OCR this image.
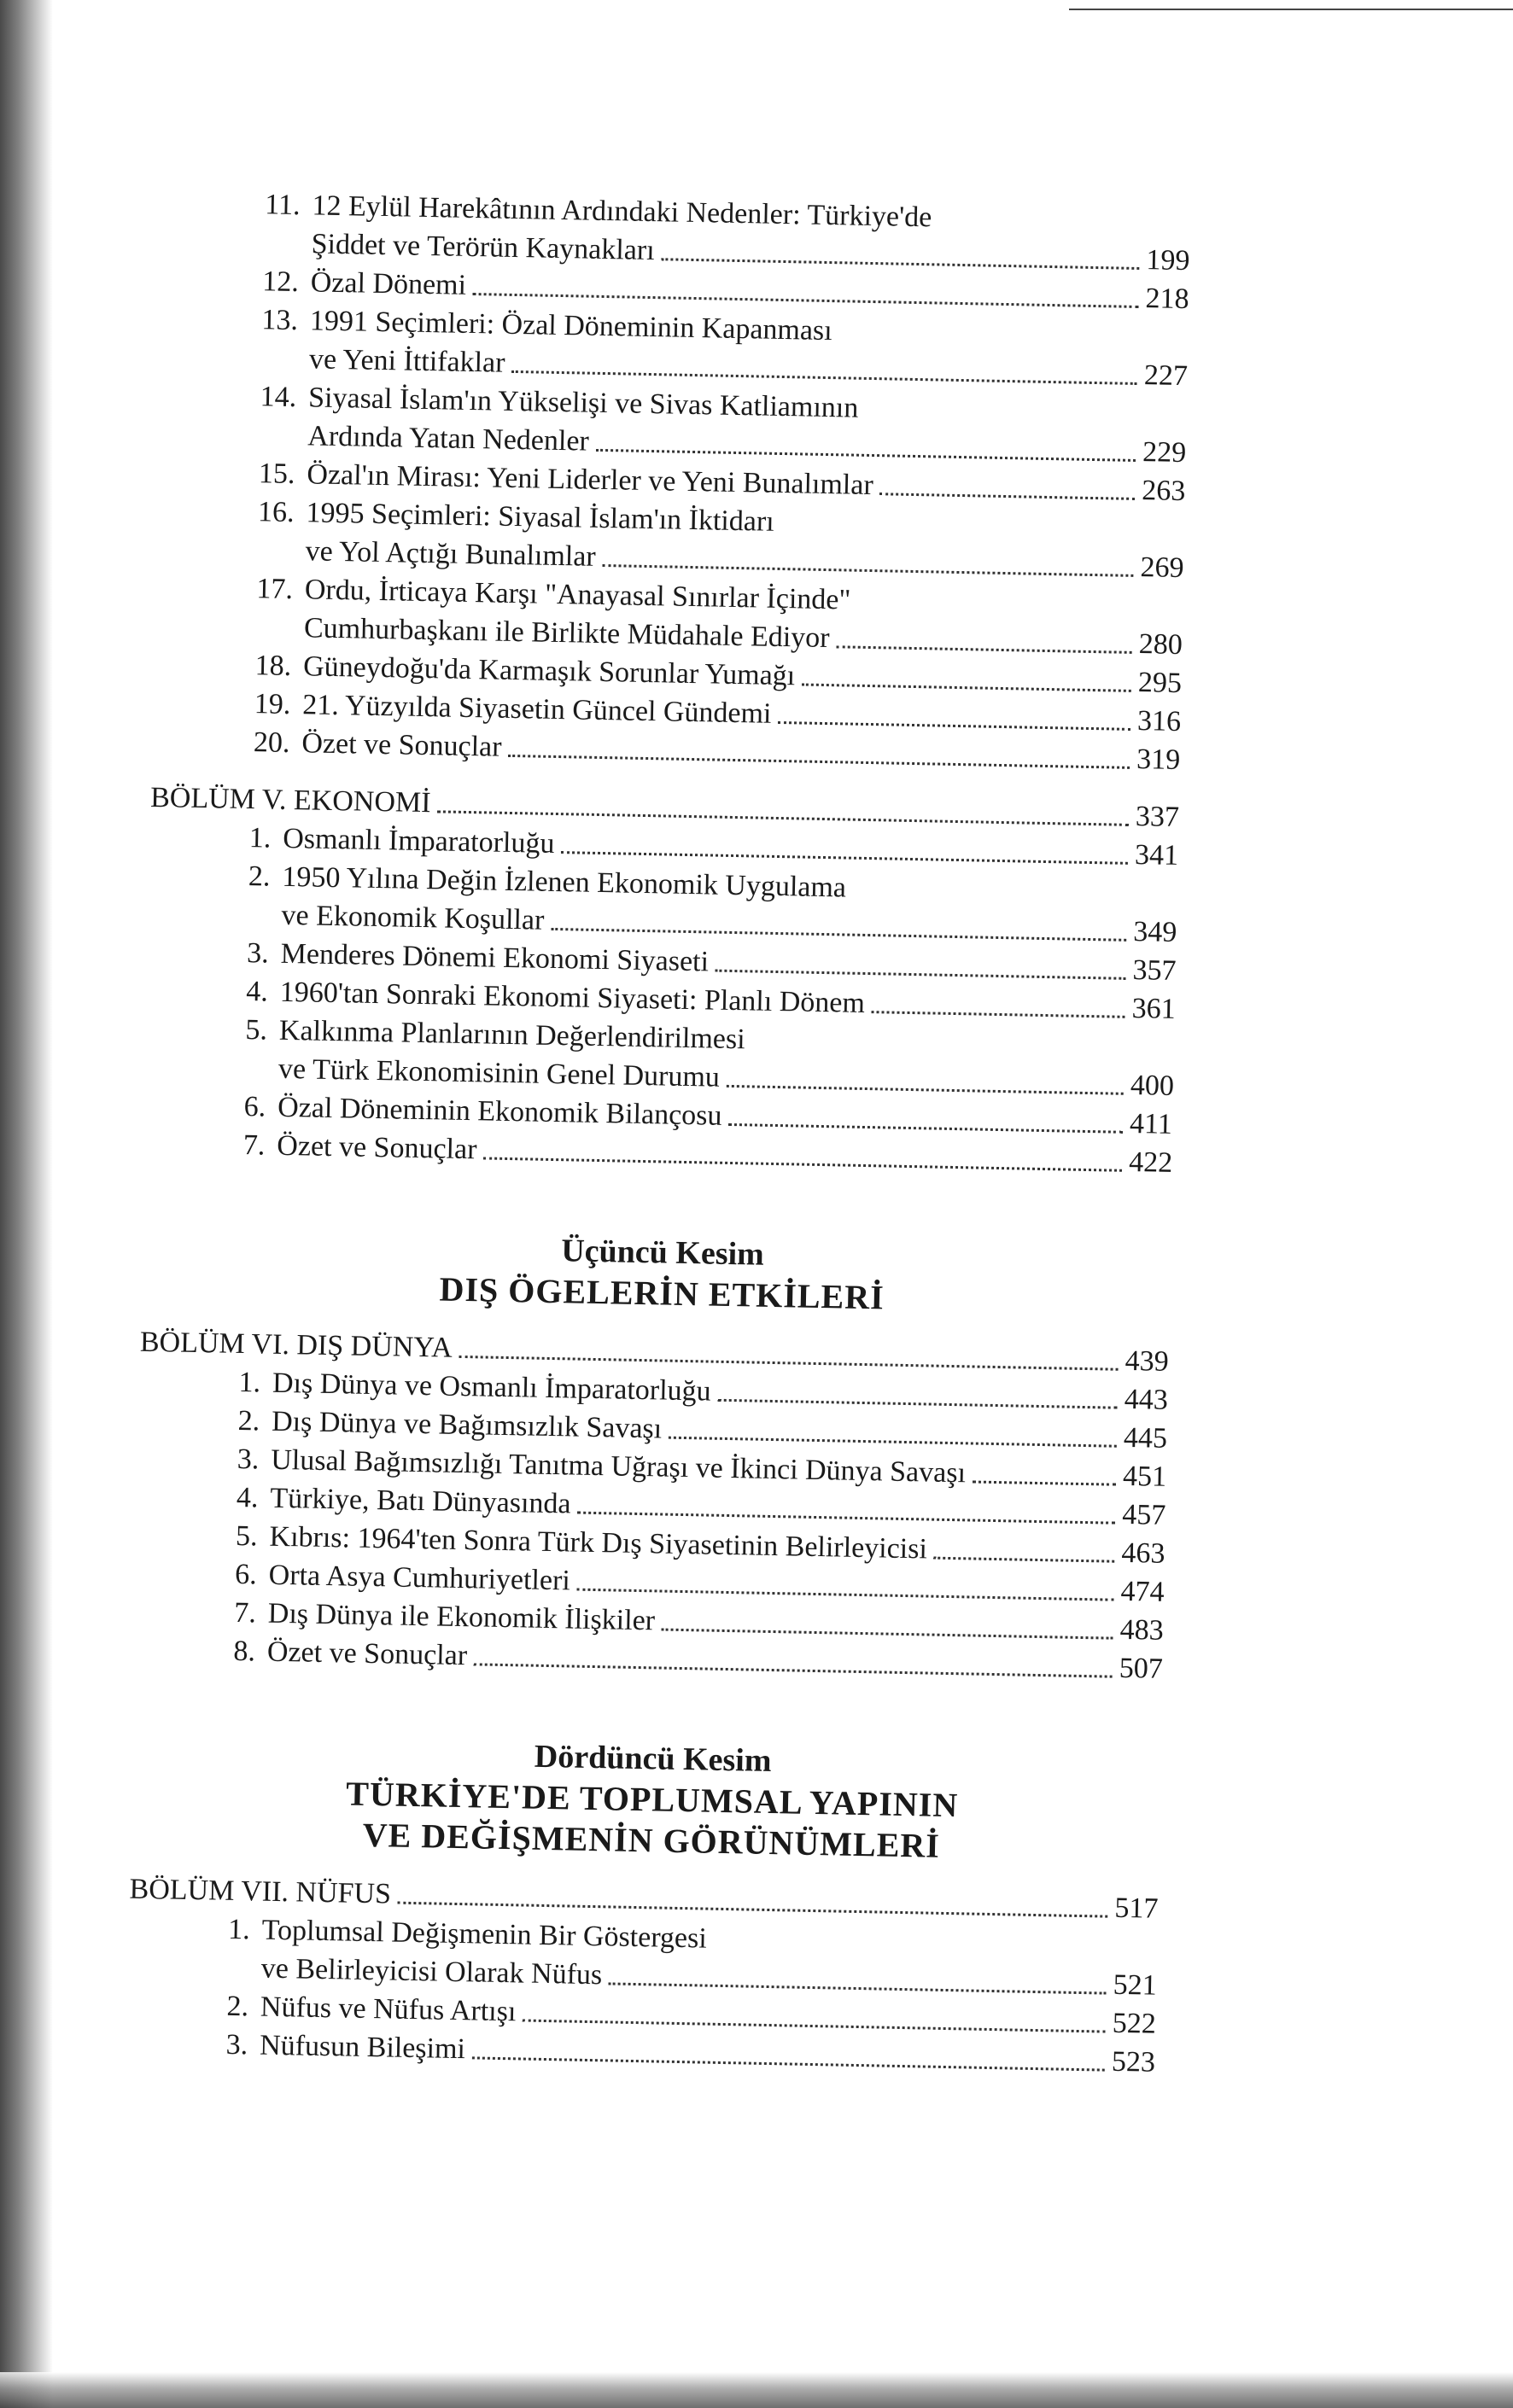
11. 12 Eylül Harekâtının Ardındaki Nedenler: Türkiye'de
Şiddet ve Terörün Kaynakları	199
12. Özal Dönemi	218
13. 1991 Seçimleri: Özal Döneminin Kapanması
ve Yeni İttifaklar	227
14. Siyasal İslam'ın Yükselişi ve Sivas Katliamının
Ardında Yatan Nedenler	229
15. Özal'ın Mirası: Yeni Liderler ve Yeni Bunalımlar	263
16. 1995 Seçimleri: Siyasal İslam'ın İktidarı
ve Yol Açtığı Bunalımlar	269
17. Ordu, İrticaya Karşı "Anayasal Sınırlar İçinde"
Cumhurbaşkanı ile Birlikte Müdahale Ediyor	280
18. Güneydoğu'da Karmaşık Sorunlar Yumağı	295
19. 21. Yüzyılda Siyasetin Güncel Gündemi	316
20. Özet ve Sonuçlar	319
BÖLÜM V. EKONOMİ	337
1. Osmanlı İmparatorluğu	341
2. 1950 Yılına Değin İzlenen Ekonomik Uygulama
ve Ekonomik Koşullar	349
3. Menderes Dönemi Ekonomi Siyaseti	357
4. 1960'tan Sonraki Ekonomi Siyaseti: Planlı Dönem	361
5. Kalkınma Planlarının Değerlendirilmesi
ve Türk Ekonomisinin Genel Durumu	400
6. Özal Döneminin Ekonomik Bilançosu	411
7. Özet ve Sonuçlar	422
Üçüncü Kesim
DIŞ ÖGELERİN ETKİLERİ
BÖLÜM VI. DIŞ DÜNYA	439
1. Dış Dünya ve Osmanlı İmparatorluğu	443
2. Dış Dünya ve Bağımsızlık Savaşı	445
3. Ulusal Bağımsızlığı Tanıtma Uğraşı ve İkinci Dünya Savaşı	451
4. Türkiye, Batı Dünyasında	457
5. Kıbrıs: 1964'ten Sonra Türk Dış Siyasetinin Belirleyicisi	463
6. Orta Asya Cumhuriyetleri	474
7. Dış Dünya ile Ekonomik İlişkiler	483
8. Özet ve Sonuçlar	507
Dördüncü Kesim
TÜRKİYE'DE TOPLUMSAL YAPININ
VE DEĞİŞMENİN GÖRÜNÜMLERİ
BÖLÜM VII. NÜFUS	517
1. Toplumsal Değişmenin Bir Göstergesi
ve Belirleyicisi Olarak Nüfus	521
2. Nüfus ve Nüfus Artışı	522
3. Nüfusun Bileşimi	523
